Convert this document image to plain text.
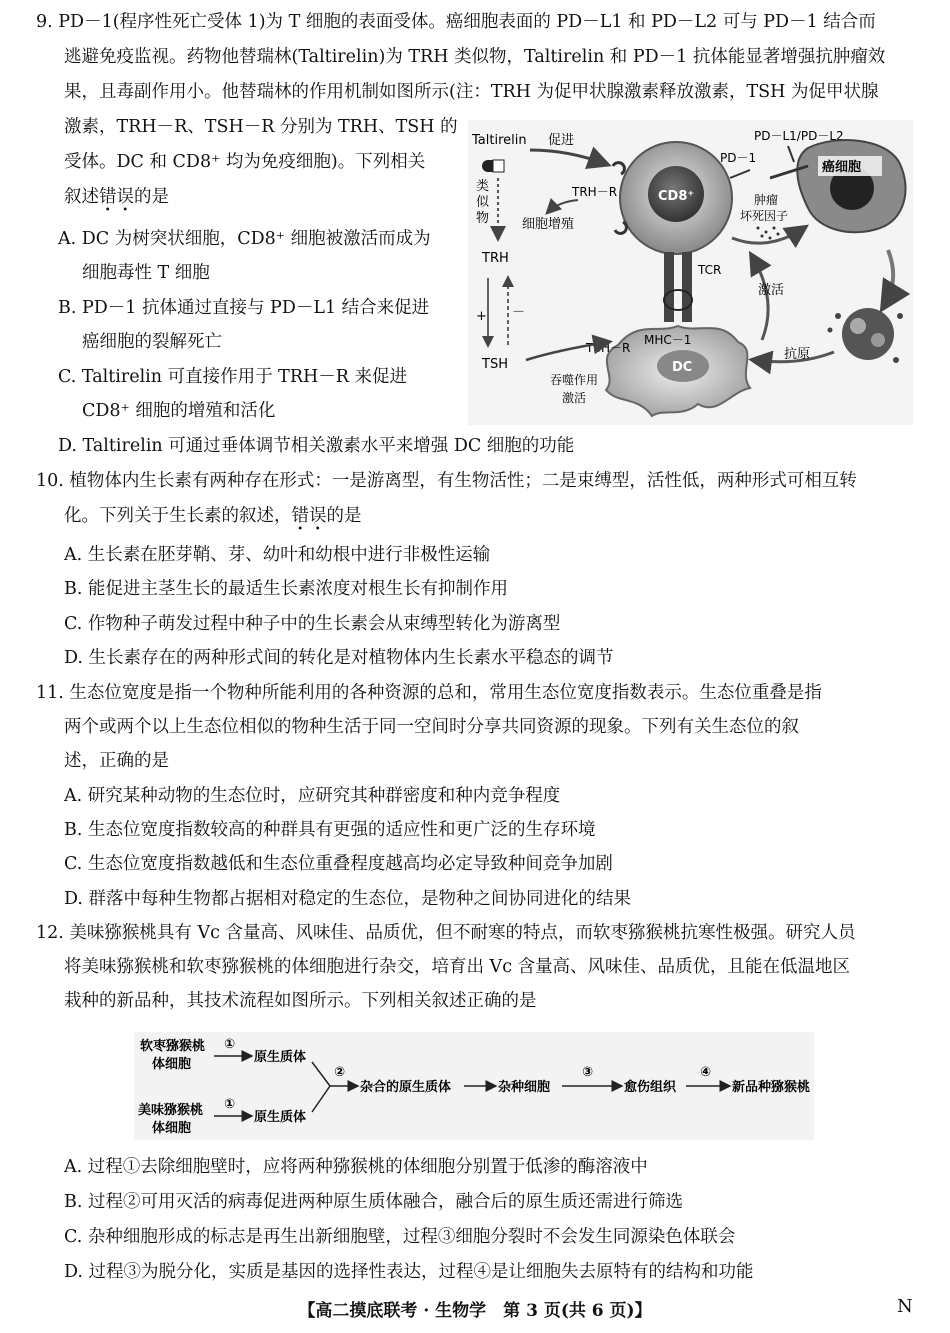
9. PD－1(程序性死亡受体 1)为 T 细胞的表面受体。癌细胞表面的 PD－L1 和 PD－L2 可与 PD－1 结合而
逃避免疫监视。药物他替瑞林(Taltirelin)为 TRH 类似物，Taltirelin 和 PD－1 抗体能显著增强抗肿瘤效
果，且毒副作用小。他替瑞林的作用机制如图所示(注：TRH 为促甲状腺激素释放激素，TSH 为促甲状腺
激素，TRH－R、TSH－R 分别为 TRH、TSH 的
受体。DC 和 CD8⁺ 均为免疫细胞)。下列相关
叙述错误的是
A. DC 为树突状细胞，CD8⁺ 细胞被激活而成为
细胞毒性 T 细胞
B. PD－1 抗体通过直接与 PD－L1 结合来促进
癌细胞的裂解死亡
C. Taltirelin 可直接作用于 TRH－R 来促进
CD8⁺ 细胞的增殖和活化
D. Taltirelin 可通过垂体调节相关激素水平来增强 DC 细胞的功能
Taltirelin 促进
类
似
物
TRH
+ －
TSH
CD8⁺
TRH－R
细胞增殖
PD－1
PD－L1/PD－L2
癌细胞
肿瘤
坏死因子
抗原
激活
TCR
DC
MHC－1
TSH－R
吞噬作用
激活
10. 植物体内生长素有两种存在形式：一是游离型，有生物活性；二是束缚型，活性低，两种形式可相互转
化。下列关于生长素的叙述，错误的是
A. 生长素在胚芽鞘、芽、幼叶和幼根中进行非极性运输
B. 能促进主茎生长的最适生长素浓度对根生长有抑制作用
C. 作物种子萌发过程中种子中的生长素会从束缚型转化为游离型
D. 生长素存在的两种形式间的转化是对植物体内生长素水平稳态的调节
11. 生态位宽度是指一个物种所能利用的各种资源的总和，常用生态位宽度指数表示。生态位重叠是指
两个或两个以上生态位相似的物种生活于同一空间时分享共同资源的现象。下列有关生态位的叙
述，正确的是
A. 研究某种动物的生态位时，应研究其种群密度和种内竞争程度
B. 生态位宽度指数较高的种群具有更强的适应性和更广泛的生存环境
C. 生态位宽度指数越低和生态位重叠程度越高均必定导致种间竞争加剧
D. 群落中每种生物都占据相对稳定的生态位，是物种之间协同进化的结果
12. 美味猕猴桃具有 Vc 含量高、风味佳、品质优，但不耐寒的特点，而软枣猕猴桃抗寒性极强。研究人员
将美味猕猴桃和软枣猕猴桃的体细胞进行杂交，培育出 Vc 含量高、风味佳、品质优，且能在低温地区
栽种的新品种，其技术流程如图所示。下列相关叙述正确的是
软枣猕猴桃
体细胞
①
原生质体
美味猕猴桃
体细胞
①
原生质体
②
杂合的原生质体	杂种细胞
③
愈伤组织
④
新品种猕猴桃
A. 过程①去除细胞壁时，应将两种猕猴桃的体细胞分别置于低渗的酶溶液中
B. 过程②可用灭活的病毒促进两种原生质体融合，融合后的原生质还需进行筛选
C. 杂种细胞形成的标志是再生出新细胞壁，过程③细胞分裂时不会发生同源染色体联会
D. 过程③为脱分化，实质是基因的选择性表达，过程④是让细胞失去原特有的结构和功能
【高二摸底联考 · 生物学　第 3 页(共 6 页)】	N
